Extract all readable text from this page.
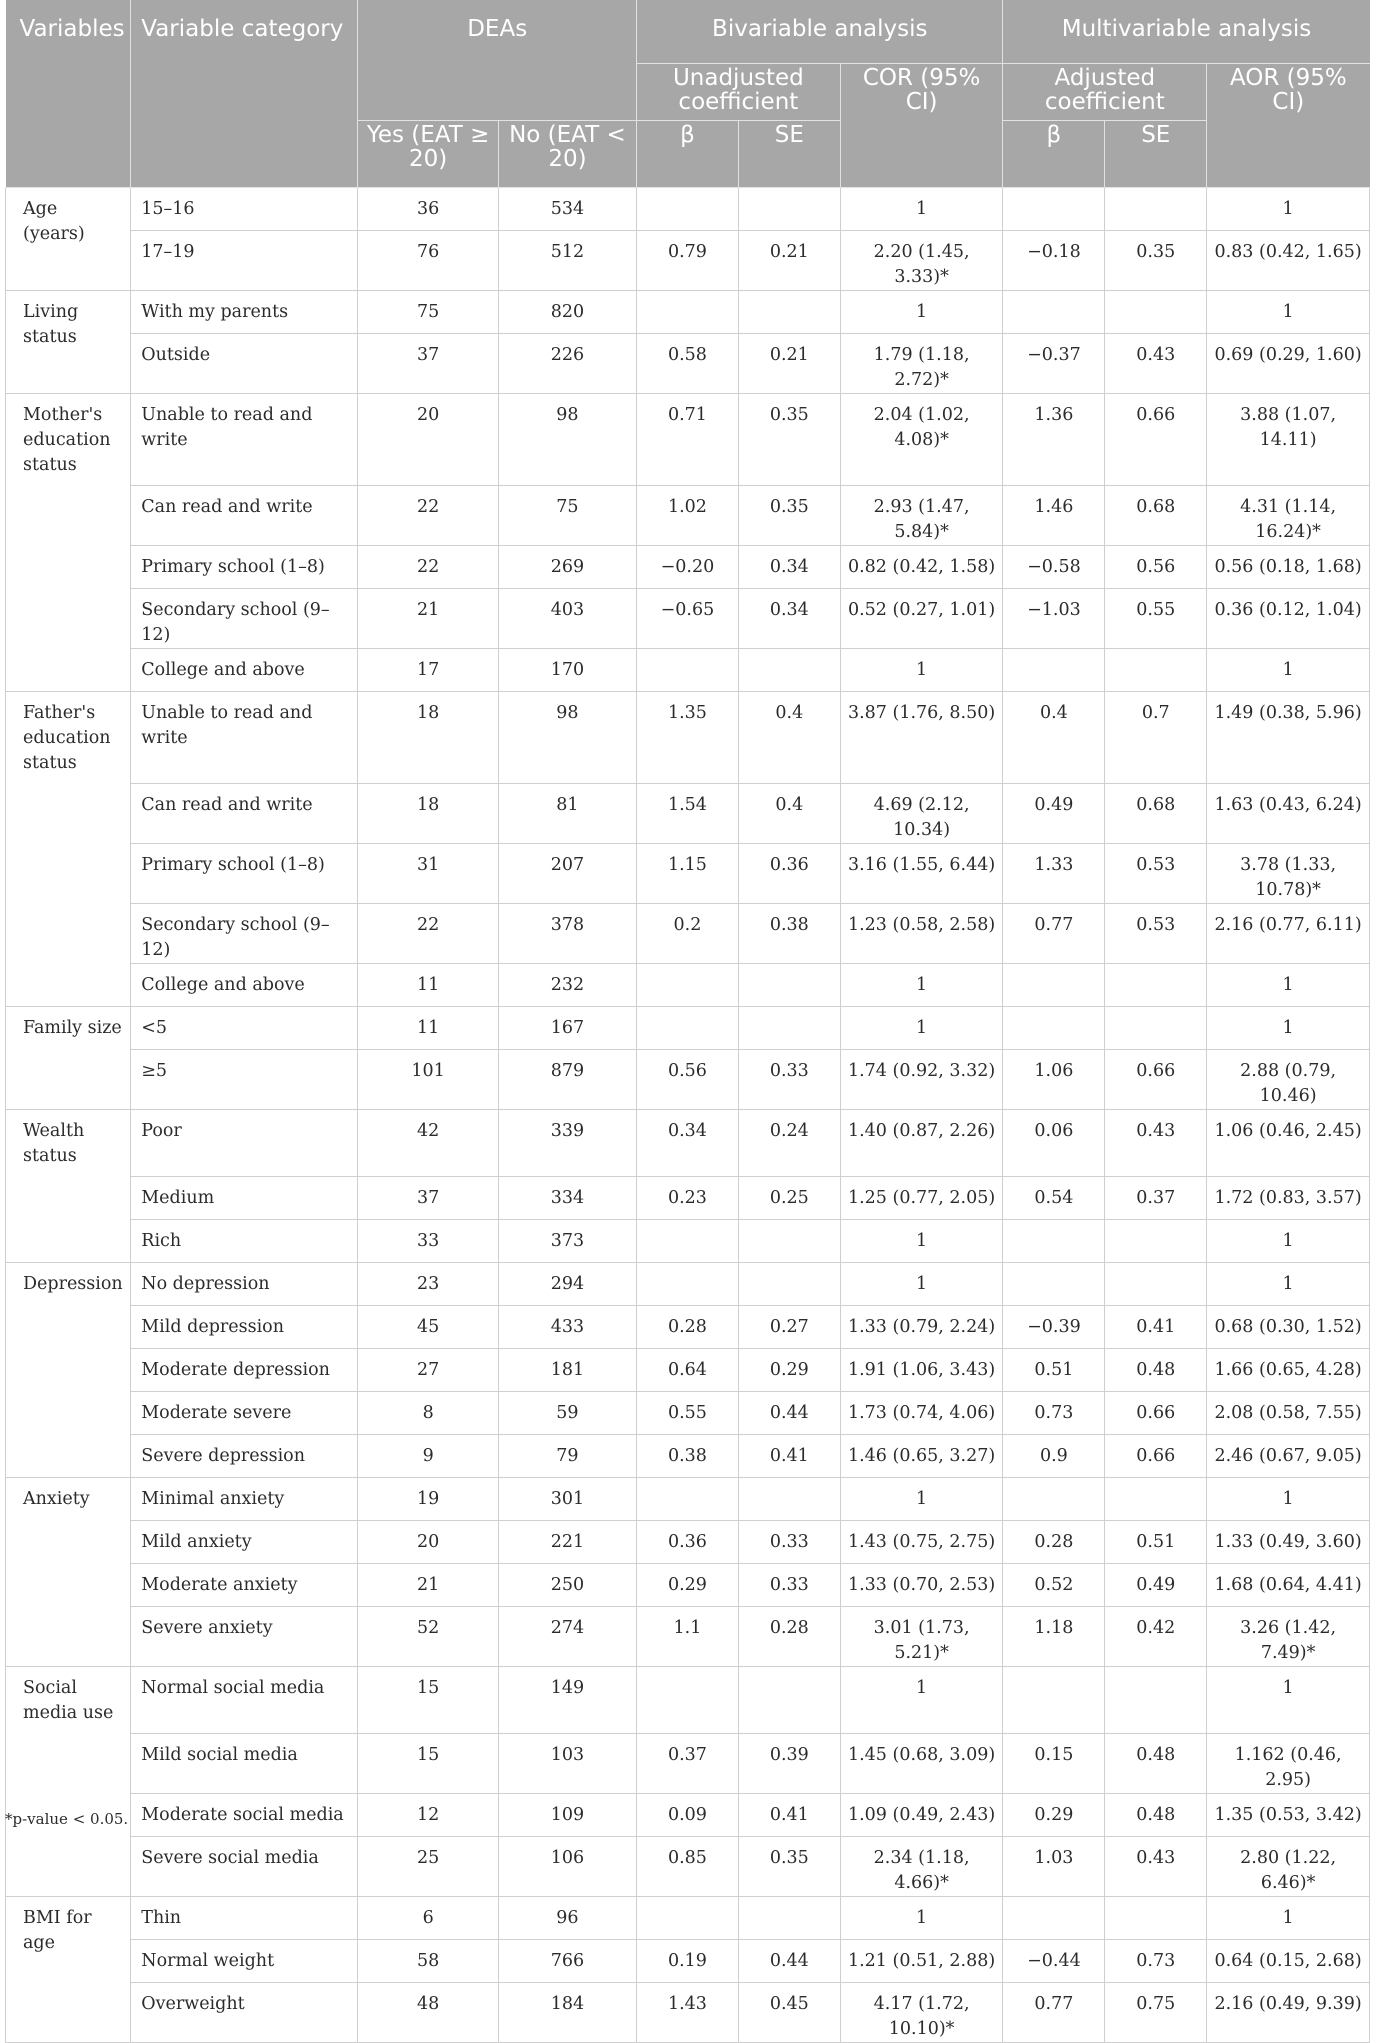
Variables	Variable category	DEAs		Bivariable analysis			Multivariable analysis		
				Unadjusted coefficient		COR (95% CI)	Adjusted coefficient		AOR (95% CI)
		Yes (EAT ≥ 20)	No (EAT < 20)	β	SE		β	SE	
Age (years)	15–16	36	534			1			1
	17–19	76	512	0.79	0.21	2.20 (1.45, 3.33)*	−0.18	0.35	0.83 (0.42, 1.65)
Living status	With my parents	75	820			1			1
	Outside	37	226	0.58	0.21	1.79 (1.18, 2.72)*	−0.37	0.43	0.69 (0.29, 1.60)
Mother's education status	Unable to read and write	20	98	0.71	0.35	2.04 (1.02, 4.08)*	1.36	0.66	3.88 (1.07, 14.11)
	Can read and write	22	75	1.02	0.35	2.93 (1.47, 5.84)*	1.46	0.68	4.31 (1.14, 16.24)*
	Primary school (1–8)	22	269	−0.20	0.34	0.82 (0.42, 1.58)	−0.58	0.56	0.56 (0.18, 1.68)
	Secondary school (9–12)	21	403	−0.65	0.34	0.52 (0.27, 1.01)	−1.03	0.55	0.36 (0.12, 1.04)
	College and above	17	170			1			1
Father's education status	Unable to read and write	18	98	1.35	0.4	3.87 (1.76, 8.50)	0.4	0.7	1.49 (0.38, 5.96)
	Can read and write	18	81	1.54	0.4	4.69 (2.12, 10.34)	0.49	0.68	1.63 (0.43, 6.24)
	Primary school (1–8)	31	207	1.15	0.36	3.16 (1.55, 6.44)	1.33	0.53	3.78 (1.33, 10.78)*
	Secondary school (9–12)	22	378	0.2	0.38	1.23 (0.58, 2.58)	0.77	0.53	2.16 (0.77, 6.11)
	College and above	11	232			1			1
Family size	<5	11	167			1			1
	≥5	101	879	0.56	0.33	1.74 (0.92, 3.32)	1.06	0.66	2.88 (0.79, 10.46)
Wealth status	Poor	42	339	0.34	0.24	1.40 (0.87, 2.26)	0.06	0.43	1.06 (0.46, 2.45)
	Medium	37	334	0.23	0.25	1.25 (0.77, 2.05)	0.54	0.37	1.72 (0.83, 3.57)
	Rich	33	373			1			1
Depression	No depression	23	294			1			1
	Mild depression	45	433	0.28	0.27	1.33 (0.79, 2.24)	−0.39	0.41	0.68 (0.30, 1.52)
	Moderate depression	27	181	0.64	0.29	1.91 (1.06, 3.43)	0.51	0.48	1.66 (0.65, 4.28)
	Moderate severe	8	59	0.55	0.44	1.73 (0.74, 4.06)	0.73	0.66	2.08 (0.58, 7.55)
	Severe depression	9	79	0.38	0.41	1.46 (0.65, 3.27)	0.9	0.66	2.46 (0.67, 9.05)
Anxiety	Minimal anxiety	19	301			1			1
	Mild anxiety	20	221	0.36	0.33	1.43 (0.75, 2.75)	0.28	0.51	1.33 (0.49, 3.60)
	Moderate anxiety	21	250	0.29	0.33	1.33 (0.70, 2.53)	0.52	0.49	1.68 (0.64, 4.41)
	Severe anxiety	52	274	1.1	0.28	3.01 (1.73, 5.21)*	1.18	0.42	3.26 (1.42, 7.49)*
Social media use	Normal social media	15	149			1			1
	Mild social media	15	103	0.37	0.39	1.45 (0.68, 3.09)	0.15	0.48	1.162 (0.46, 2.95)
	Moderate social media	12	109	0.09	0.41	1.09 (0.49, 2.43)	0.29	0.48	1.35 (0.53, 3.42)
	Severe social media	25	106	0.85	0.35	2.34 (1.18, 4.66)*	1.03	0.43	2.80 (1.22, 6.46)*
BMI for age	Thin	6	96			1			1
	Normal weight	58	766	0.19	0.44	1.21 (0.51, 2.88)	−0.44	0.73	0.64 (0.15, 2.68)
	Overweight	48	184	1.43	0.45	4.17 (1.72, 10.10)*	0.77	0.75	2.16 (0.49, 9.39)
*p-value < 0.05.
